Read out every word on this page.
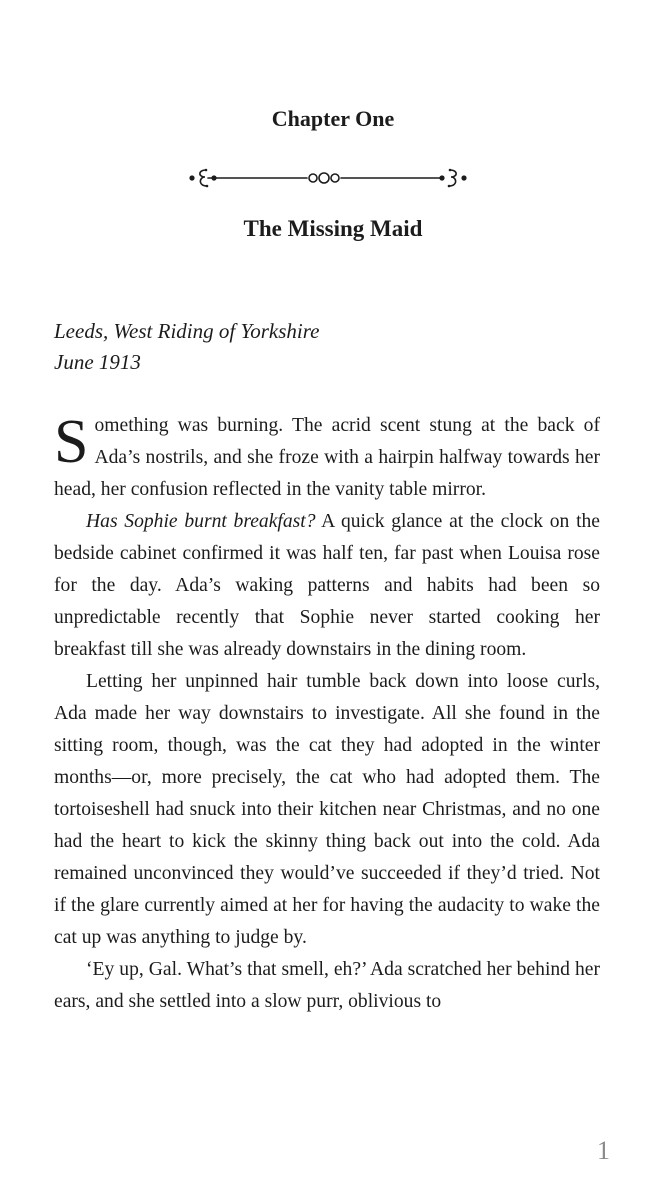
Chapter One
The Missing Maid
Leeds, West Riding of Yorkshire
June 1913

Something was burning. The acrid scent stung at the back of Ada’s nostrils, and she froze with a hairpin halfway towards her head, her confusion reflected in the vanity table mirror.

Has Sophie burnt breakfast? A quick glance at the clock on the bedside cabinet confirmed it was half ten, far past when Louisa rose for the day. Ada’s waking patterns and habits had been so unpredictable recently that Sophie never started cooking her breakfast till she was already downstairs in the dining room.

Letting her unpinned hair tumble back down into loose curls, Ada made her way downstairs to investigate. All she found in the sitting room, though, was the cat they had adopted in the winter months—or, more precisely, the cat who had adopted them. The tortoiseshell had snuck into their kitchen near Christmas, and no one had the heart to kick the skinny thing back out into the cold. Ada remained unconvinced they would’ve succeeded if they’d tried. Not if the glare currently aimed at her for having the audacity to wake the cat up was anything to judge by.

‘Ey up, Gal. What’s that smell, eh?’ Ada scratched her behind her ears, and she settled into a slow purr, oblivious to

1
